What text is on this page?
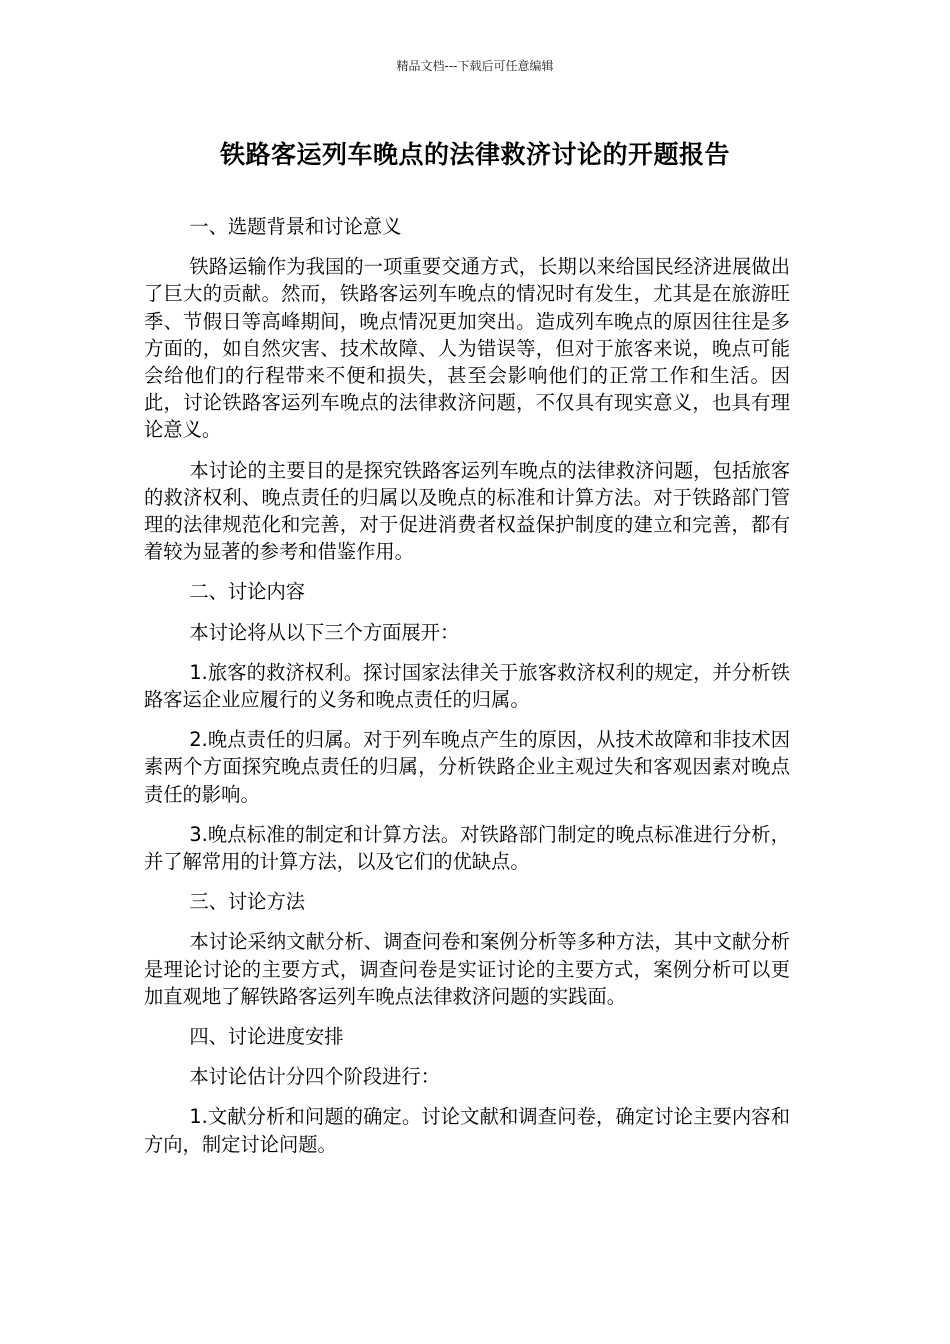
精品文档---下载后可任意编辑
铁路客运列车晚点的法律救济讨论的开题报告

一、选题背景和讨论意义

铁路运输作为我国的一项重要交通方式，长期以来给国民经济进展做出了巨大的贡献。然而，铁路客运列车晚点的情况时有发生，尤其是在旅游旺季、节假日等高峰期间，晚点情况更加突出。造成列车晚点的原因往往是多方面的，如自然灾害、技术故障、人为错误等，但对于旅客来说，晚点可能会给他们的行程带来不便和损失，甚至会影响他们的正常工作和生活。因此，讨论铁路客运列车晚点的法律救济问题，不仅具有现实意义，也具有理论意义。

本讨论的主要目的是探究铁路客运列车晚点的法律救济问题，包括旅客的救济权利、晚点责任的归属以及晚点的标准和计算方法。对于铁路部门管理的法律规范化和完善，对于促进消费者权益保护制度的建立和完善，都有着较为显著的参考和借鉴作用。

二、讨论内容

本讨论将从以下三个方面展开：

1.旅客的救济权利。探讨国家法律关于旅客救济权利的规定，并分析铁路客运企业应履行的义务和晚点责任的归属。

2.晚点责任的归属。对于列车晚点产生的原因，从技术故障和非技术因素两个方面探究晚点责任的归属，分析铁路企业主观过失和客观因素对晚点责任的影响。

3.晚点标准的制定和计算方法。对铁路部门制定的晚点标准进行分析，并了解常用的计算方法，以及它们的优缺点。

三、讨论方法

本讨论采纳文献分析、调查问卷和案例分析等多种方法，其中文献分析是理论讨论的主要方式，调查问卷是实证讨论的主要方式，案例分析可以更加直观地了解铁路客运列车晚点法律救济问题的实践面。

四、讨论进度安排

本讨论估计分四个阶段进行：

1.文献分析和问题的确定。讨论文献和调查问卷，确定讨论主要内容和方向，制定讨论问题。
